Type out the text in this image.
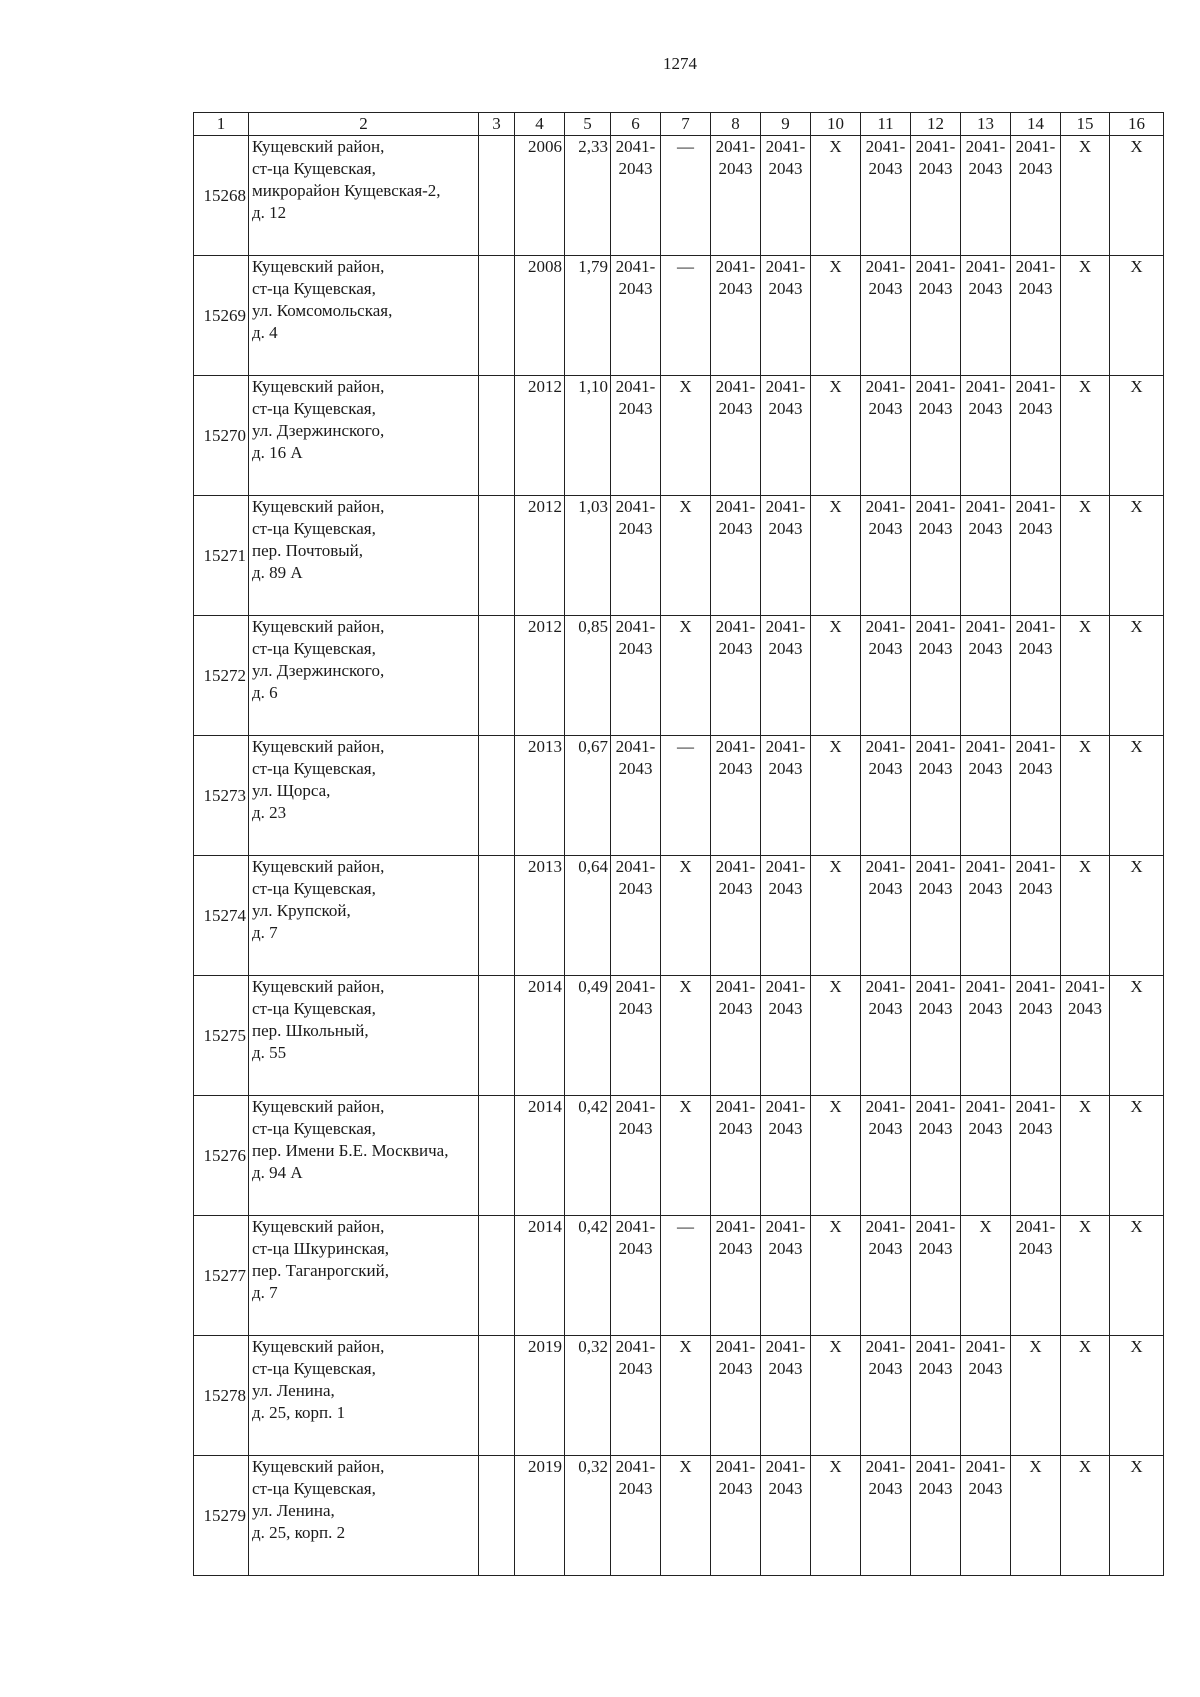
1274
1	2	3	4	5	6	7	8	9	10	11	12	13	14	15	16

15268	Кущевский район,
ст-ца Кущевская,
микрорайон Кущевская-2,
д. 12		2006	2,33	2041-
2043	—	2041-
2043	2041-
2043	X	2041-
2043	2041-
2043	2041-
2043	2041-
2043	X	X

15269	Кущевский район,
ст-ца Кущевская,
ул. Комсомольская,
д. 4		2008	1,79	2041-
2043	—	2041-
2043	2041-
2043	X	2041-
2043	2041-
2043	2041-
2043	2041-
2043	X	X

15270	Кущевский район,
ст-ца Кущевская,
ул. Дзержинского,
д. 16 А		2012	1,10	2041-
2043	X	2041-
2043	2041-
2043	X	2041-
2043	2041-
2043	2041-
2043	2041-
2043	X	X

15271	Кущевский район,
ст-ца Кущевская,
пер. Почтовый,
д. 89 А		2012	1,03	2041-
2043	X	2041-
2043	2041-
2043	X	2041-
2043	2041-
2043	2041-
2043	2041-
2043	X	X

15272	Кущевский район,
ст-ца Кущевская,
ул. Дзержинского,
д. 6		2012	0,85	2041-
2043	X	2041-
2043	2041-
2043	X	2041-
2043	2041-
2043	2041-
2043	2041-
2043	X	X

15273	Кущевский район,
ст-ца Кущевская,
ул. Щорса,
д. 23		2013	0,67	2041-
2043	—	2041-
2043	2041-
2043	X	2041-
2043	2041-
2043	2041-
2043	2041-
2043	X	X

15274	Кущевский район,
ст-ца Кущевская,
ул. Крупской,
д. 7		2013	0,64	2041-
2043	X	2041-
2043	2041-
2043	X	2041-
2043	2041-
2043	2041-
2043	2041-
2043	X	X

15275	Кущевский район,
ст-ца Кущевская,
пер. Школьный,
д. 55		2014	0,49	2041-
2043	X	2041-
2043	2041-
2043	X	2041-
2043	2041-
2043	2041-
2043	2041-
2043	2041-
2043	X

15276	Кущевский район,
ст-ца Кущевская,
пер. Имени Б.Е. Москвича,
д. 94 А		2014	0,42	2041-
2043	X	2041-
2043	2041-
2043	X	2041-
2043	2041-
2043	2041-
2043	2041-
2043	X	X

15277	Кущевский район,
ст-ца Шкуринская,
пер. Таганрогский,
д. 7		2014	0,42	2041-
2043	—	2041-
2043	2041-
2043	X	2041-
2043	2041-
2043	X	2041-
2043	X	X

15278	Кущевский район,
ст-ца Кущевская,
ул. Ленина,
д. 25, корп. 1		2019	0,32	2041-
2043	X	2041-
2043	2041-
2043	X	2041-
2043	2041-
2043	2041-
2043	X	X	X

15279	Кущевский район,
ст-ца Кущевская,
ул. Ленина,
д. 25, корп. 2		2019	0,32	2041-
2043	X	2041-
2043	2041-
2043	X	2041-
2043	2041-
2043	2041-
2043	X	X	X
